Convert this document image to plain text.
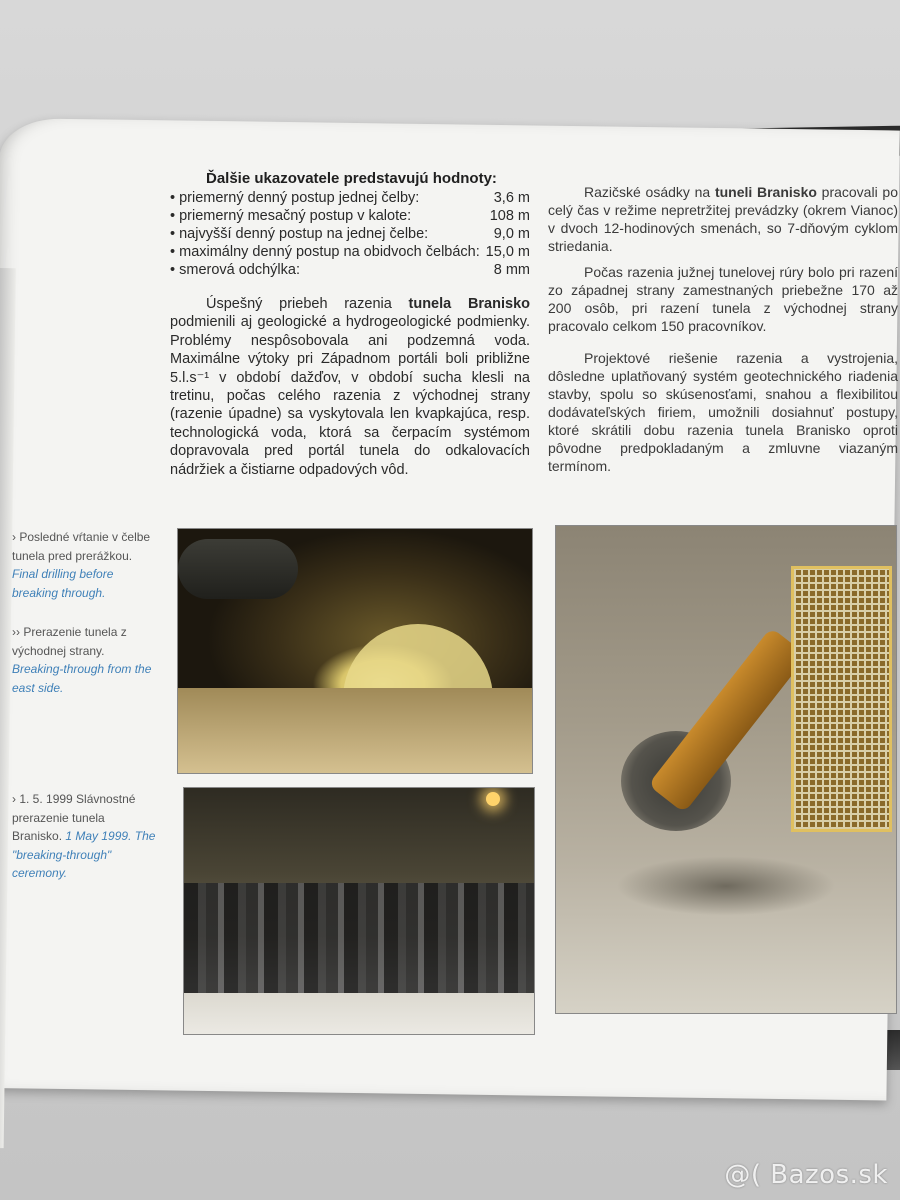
Ďalšie ukazovatele predstavujú hodnoty:
• priemerný denný postup jednej čelby:	3,6 m
• priemerný mesačný postup v kalote:	108 m
• najvyšší denný postup na jednej čelbe:	9,0 m
• maximálny denný postup na obidvoch čelbách: 15,0 m
• smerová odchýlka:	8 mm

Úspešný priebeh razenia tunela Branisko podmienili aj geologické a hydrogeologické podmienky. Problémy nespôsobovala ani podzemná voda. Maximálne výtoky pri Západnom portáli boli približne 5.l.s⁻¹ v období dažďov, v období sucha klesli na tretinu, počas celého razenia z východnej strany (razenie úpadne) sa vyskytovala len kvapkajúca, resp. technologická voda, ktorá sa čerpacím systémom dopravovala pred portál tunela do odkalovacích nádržiek a čistiarne odpadových vôd.

Razičské osádky na tuneli Branisko pracovali po celý čas v režime nepretržitej prevádzky (okrem Vianoc) v dvoch 12-hodinových smenách, so 7-dňovým cyklom striedania.

Počas razenia južnej tunelovej rúry bolo pri razení zo západnej strany zamestnaných priebežne 170 až 200 osôb, pri razení tunela z východnej strany pracovalo celkom 150 pracovníkov.

Projektové riešenie razenia a vystrojenia, dôsledne uplatňovaný systém geotechnického riadenia stavby, spolu so skúsenosťami, snahou a flexibilitou dodávateľských firiem, umožnili dosiahnuť postupy, ktoré skrátili dobu razenia tunela Branisko oproti pôvodne predpokladaným a zmluvne viazaným termínom.

› Posledné vŕtanie v čelbe tunela pred prerážkou. Final drilling before breaking through.
›› Prerazenie tunela z východnej strany. Breaking-through from the east side.
› 1. 5. 1999 Slávnostné prerazenie tunela Branisko. 1 May 1999. The "breaking-through" ceremony.
@( Bazos.sk
